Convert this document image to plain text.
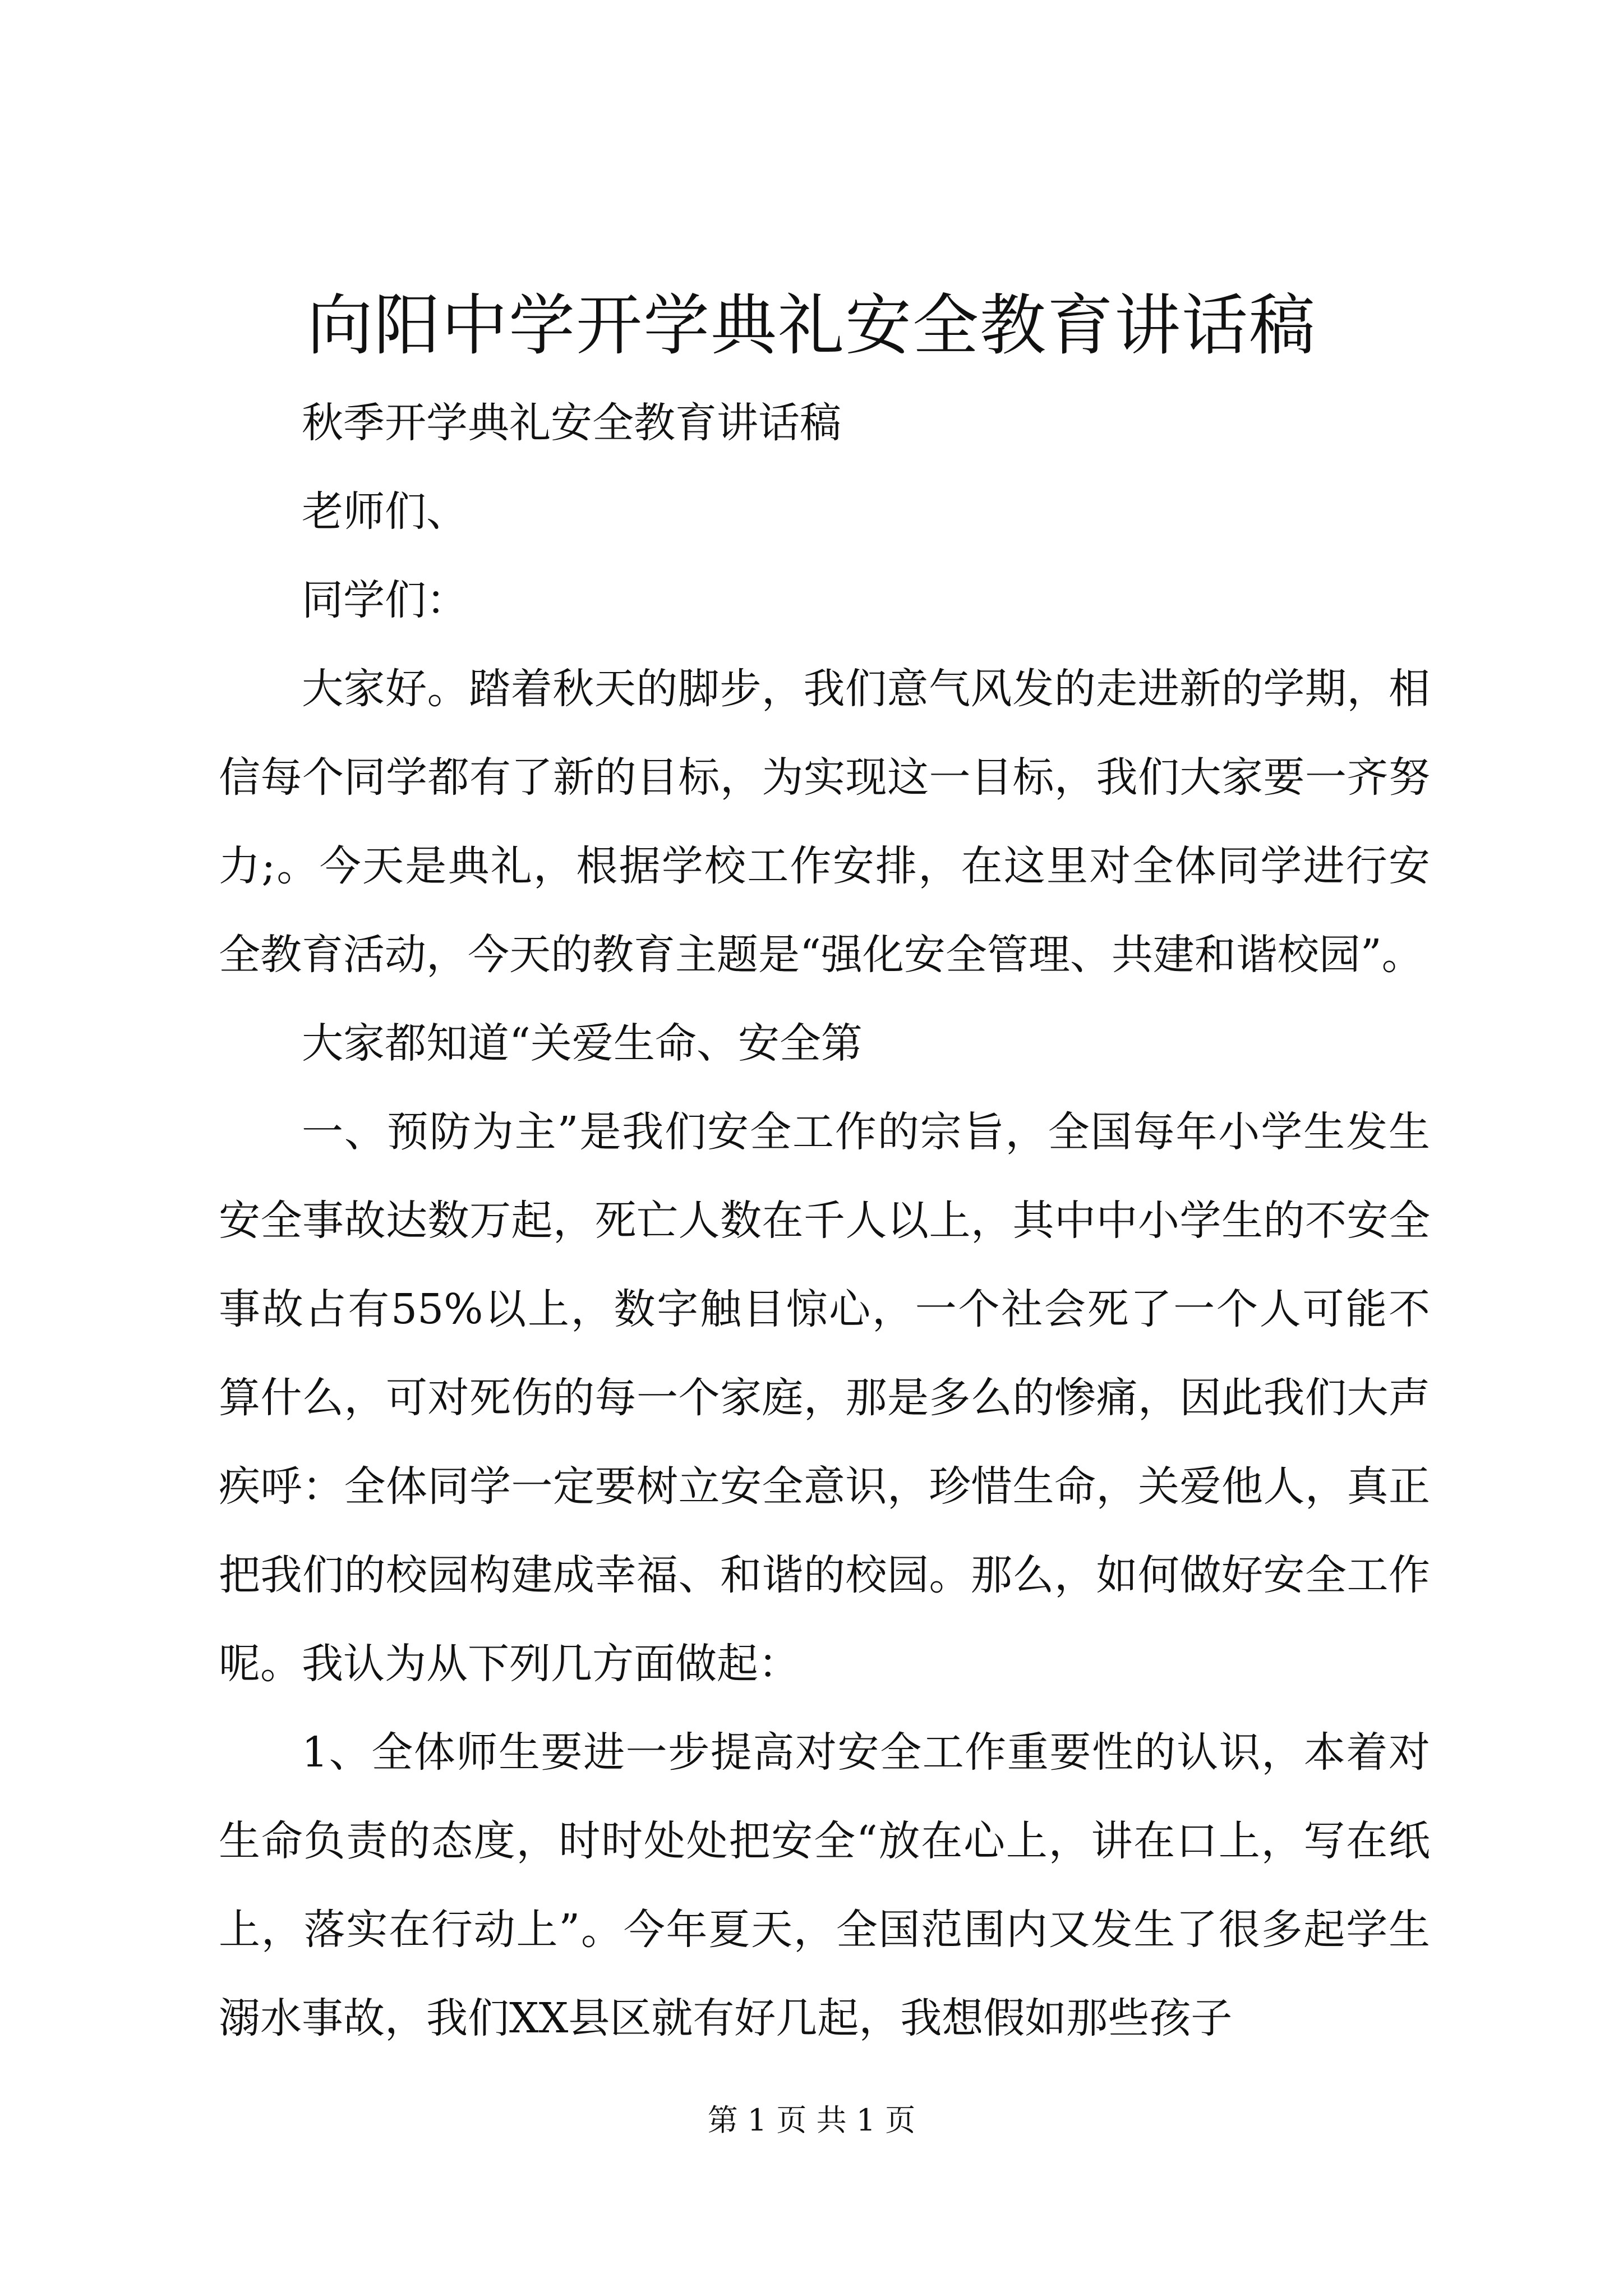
向阳中学开学典礼安全教育讲话稿

秋季开学典礼安全教育讲话稿

老师们、

同学们：

大家好。踏着秋天的脚步，我们意气风发的走进新的学期，相信每个同学都有了新的目标，为实现这一目标，我们大家要一齐努力;。今天是典礼，根据学校工作安排，在这里对全体同学进行安全教育活动，今天的教育主题是“强化安全管理、共建和谐校园”。

大家都知道“关爱生命、安全第

一、预防为主”是我们安全工作的宗旨，全国每年小学生发生安全事故达数万起，死亡人数在千人以上，其中中小学生的不安全事故占有55%以上，数字触目惊心，一个社会死了一个人可能不算什么，可对死伤的每一个家庭，那是多么的惨痛，因此我们大声疾呼：全体同学一定要树立安全意识，珍惜生命，关爱他人，真正把我们的校园构建成幸福、和谐的校园。那么，如何做好安全工作呢。我认为从下列几方面做起：

1、全体师生要进一步提高对安全工作重要性的认识，本着对生命负责的态度，时时处处把安全“放在心上，讲在口上，写在纸上，落实在行动上”。今年夏天，全国范围内又发生了很多起学生溺水事故，我们XX县区就有好几起，我想假如那些孩子

第 1 页 共 1 页
